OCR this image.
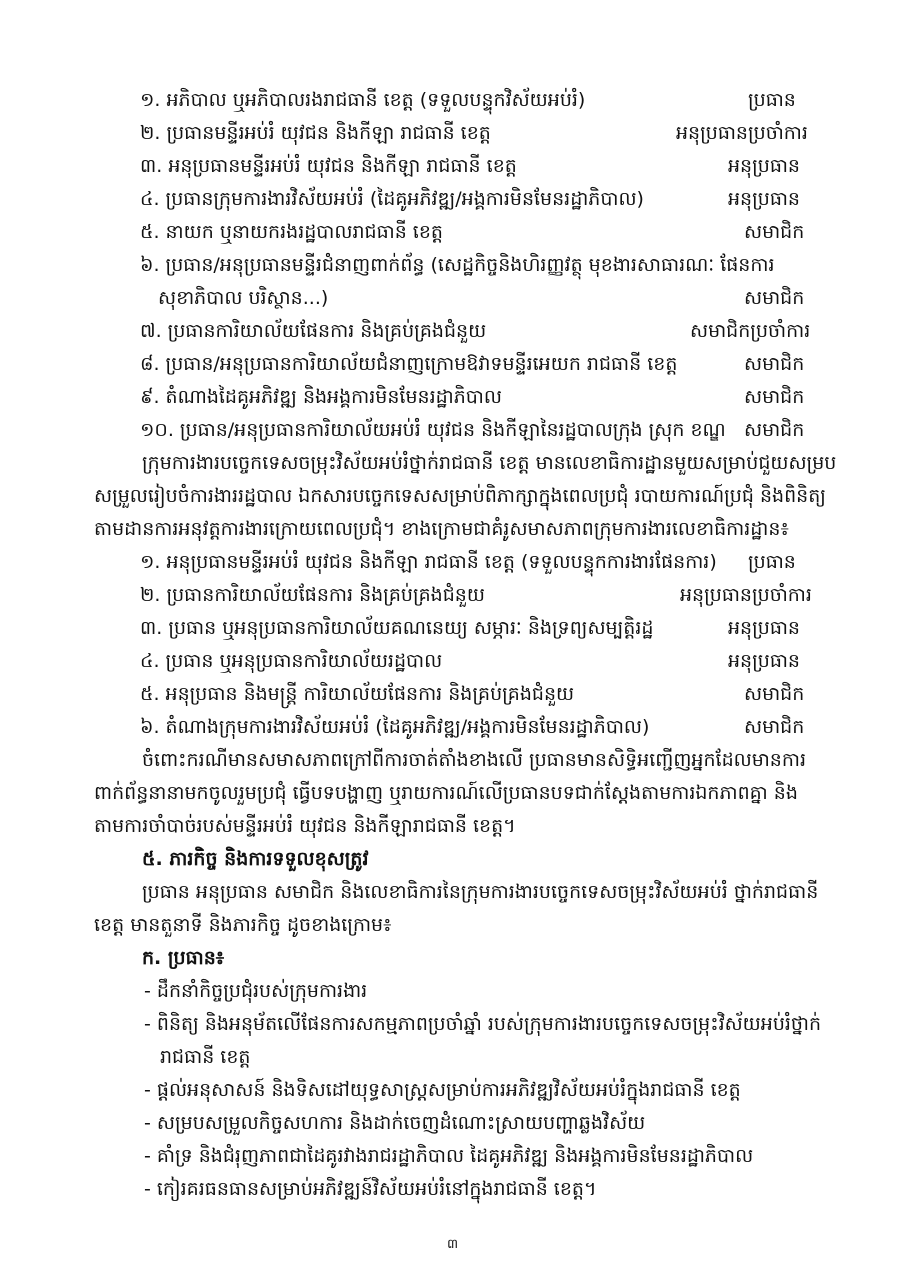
១. អភិបាល ឬអភិបាលរងរាជធានី ខេត្ត (ទទួលបន្ទុកវិស័យអប់រំ)	ប្រធាន
២. ប្រធានមន្ទីរអប់រំ យុវជន និងកីឡា រាជធានី ខេត្ត	អនុប្រធានប្រចាំការ
៣. អនុប្រធានមន្ទីរអប់រំ យុវជន និងកីឡា រាជធានី ខេត្ត	អនុប្រធាន
៤. ប្រធានក្រុមការងារវិស័យអប់រំ (ដៃគូអភិវឌ្ឍ/អង្គការមិនមែនរដ្ឋាភិបាល)	អនុប្រធាន
៥. នាយក ឬនាយករងរដ្ឋបាលរាជធានី ខេត្ត	សមាជិក
៦. ប្រធាន/អនុប្រធានមន្ទីរជំនាញពាក់ព័ន្ធ (សេដ្ឋកិច្ចនិងហិរញ្ញវត្ថុ មុខងារសាធារណៈ ផែនការ
សុខាភិបាល បរិស្ថាន...)	សមាជិក
៧. ប្រធានការិយាល័យផែនការ និងគ្រប់គ្រងជំនួយ	សមាជិកប្រចាំការ
៨. ប្រធាន/អនុប្រធានការិយាល័យជំនាញក្រោមឱវាទមន្ទីរអេយក រាជធានី ខេត្ត	សមាជិក
៩. តំណាងដៃគូអភិវឌ្ឍ និងអង្គការមិនមែនរដ្ឋាភិបាល	សមាជិក
១០. ប្រធាន/អនុប្រធានការិយាល័យអប់រំ យុវជន និងកីឡានៃរដ្ឋបាលក្រុង ស្រុក ខណ្ឌ សមាជិក
ក្រុមការងារបច្ចេកទេសចម្រុះវិស័យអប់រំថ្នាក់រាជធានី ខេត្ត មានលេខាធិការដ្ឋានមួយសម្រាប់ជួយសម្រប
សម្រួលរៀបចំការងាររដ្ឋបាល ឯកសារបច្ចេកទេសសម្រាប់ពិភាក្សាក្នុងពេលប្រជុំ របាយការណ៍ប្រជុំ និងពិនិត្យ
តាមដានការអនុវត្តការងារក្រោយពេលប្រជុំ។ ខាងក្រោមជាគំរូសមាសភាពក្រុមការងារលេខាធិការដ្ឋាន៖
១. អនុប្រធានមន្ទីរអប់រំ យុវជន និងកីឡា រាជធានី ខេត្ត (ទទួលបន្ទុកការងារផែនការ) ប្រធាន
២. ប្រធានការិយាល័យផែនការ និងគ្រប់គ្រងជំនួយ	អនុប្រធានប្រចាំការ
៣. ប្រធាន ឬអនុប្រធានការិយាល័យគណនេយ្យ សម្ភារៈ និងទ្រព្យសម្បត្តិរដ្ឋ	អនុប្រធាន
៤. ប្រធាន ឬអនុប្រធានការិយាល័យរដ្ឋបាល	អនុប្រធាន
៥. អនុប្រធាន និងមន្ត្រី ការិយាល័យផែនការ និងគ្រប់គ្រងជំនួយ	សមាជិក
៦. តំណាងក្រុមការងារវិស័យអប់រំ (ដៃគូអភិវឌ្ឍ/អង្គការមិនមែនរដ្ឋាភិបាល)	សមាជិក
ចំពោះករណីមានសមាសភាពក្រៅពីការចាត់តាំងខាងលើ ប្រធានមានសិទ្ធិអញ្ជើញអ្នកដែលមានការ
ពាក់ព័ន្ធនានាមកចូលរួមប្រជុំ ធ្វើបទបង្ហាញ ឬរាយការណ៍លើប្រធានបទជាក់ស្តែងតាមការឯកភាពគ្នា និង
តាមការចាំបាច់របស់មន្ទីរអប់រំ យុវជន និងកីឡារាជធានី ខេត្ត។
៥. ភារកិច្ច និងការទទួលខុសត្រូវ
ប្រធាន អនុប្រធាន សមាជិក និងលេខាធិការនៃក្រុមការងារបច្ចេកទេសចម្រុះវិស័យអប់រំ ថ្នាក់រាជធានី
ខេត្ត មានតួនាទី និងភារកិច្ច ដូចខាងក្រោម៖
ក. ប្រធាន៖
- ដឹកនាំកិច្ចប្រជុំរបស់ក្រុមការងារ
- ពិនិត្យ និងអនុម័តលើផែនការសកម្មភាពប្រចាំឆ្នាំ របស់ក្រុមការងារបច្ចេកទេសចម្រុះវិស័យអប់រំថ្នាក់
រាជធានី ខេត្ត
- ផ្តល់អនុសាសន៍ និងទិសដៅយុទ្ធសាស្ត្រសម្រាប់ការអភិវឌ្ឍវិស័យអប់រំក្នុងរាជធានី ខេត្ត
- សម្របសម្រួលកិច្ចសហការ និងដាក់ចេញដំណោះស្រាយបញ្ហាឆ្លងវិស័យ
- គាំទ្រ និងជំរុញភាពជាដៃគូរវាងរាជរដ្ឋាភិបាល ដៃគូអភិវឌ្ឍ និងអង្គការមិនមែនរដ្ឋាភិបាល
- កៀរគរធនធានសម្រាប់អភិវឌ្ឍន៍វិស័យអប់រំនៅក្នុងរាជធានី ខេត្ត។
៣
